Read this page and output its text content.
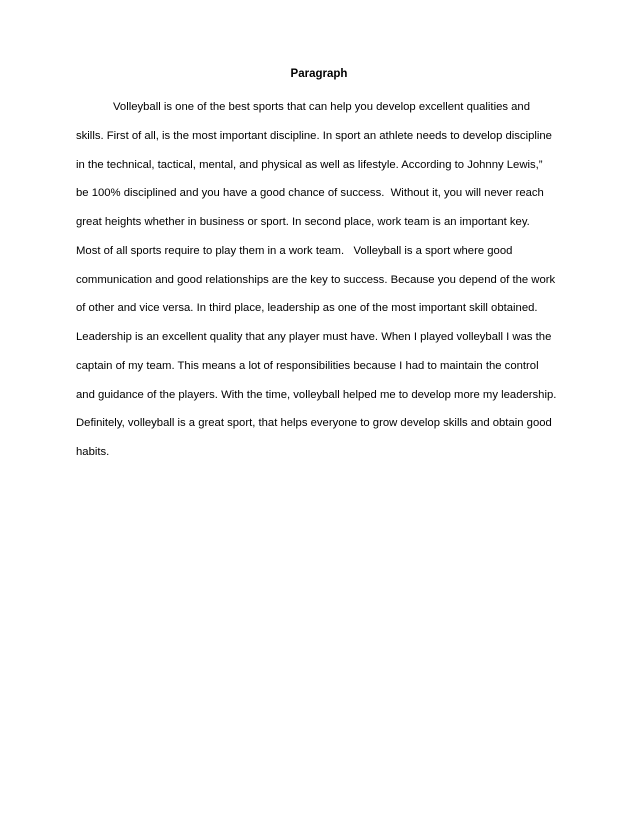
Paragraph
Volleyball is one of the best sports that can help you develop excellent qualities and
skills. First of all, is the most important discipline. In sport an athlete needs to develop discipline
in the technical, tactical, mental, and physical as well as lifestyle. According to Johnny Lewis,”
be 100% disciplined and you have a good chance of success.  Without it, you will never reach
great heights whether in business or sport. In second place, work team is an important key.
Most of all sports require to play them in a work team.   Volleyball is a sport where good
communication and good relationships are the key to success. Because you depend of the work
of other and vice versa. In third place, leadership as one of the most important skill obtained.
Leadership is an excellent quality that any player must have. When I played volleyball I was the
captain of my team. This means a lot of responsibilities because I had to maintain the control
and guidance of the players. With the time, volleyball helped me to develop more my leadership.
Definitely, volleyball is a great sport, that helps everyone to grow develop skills and obtain good
habits.
